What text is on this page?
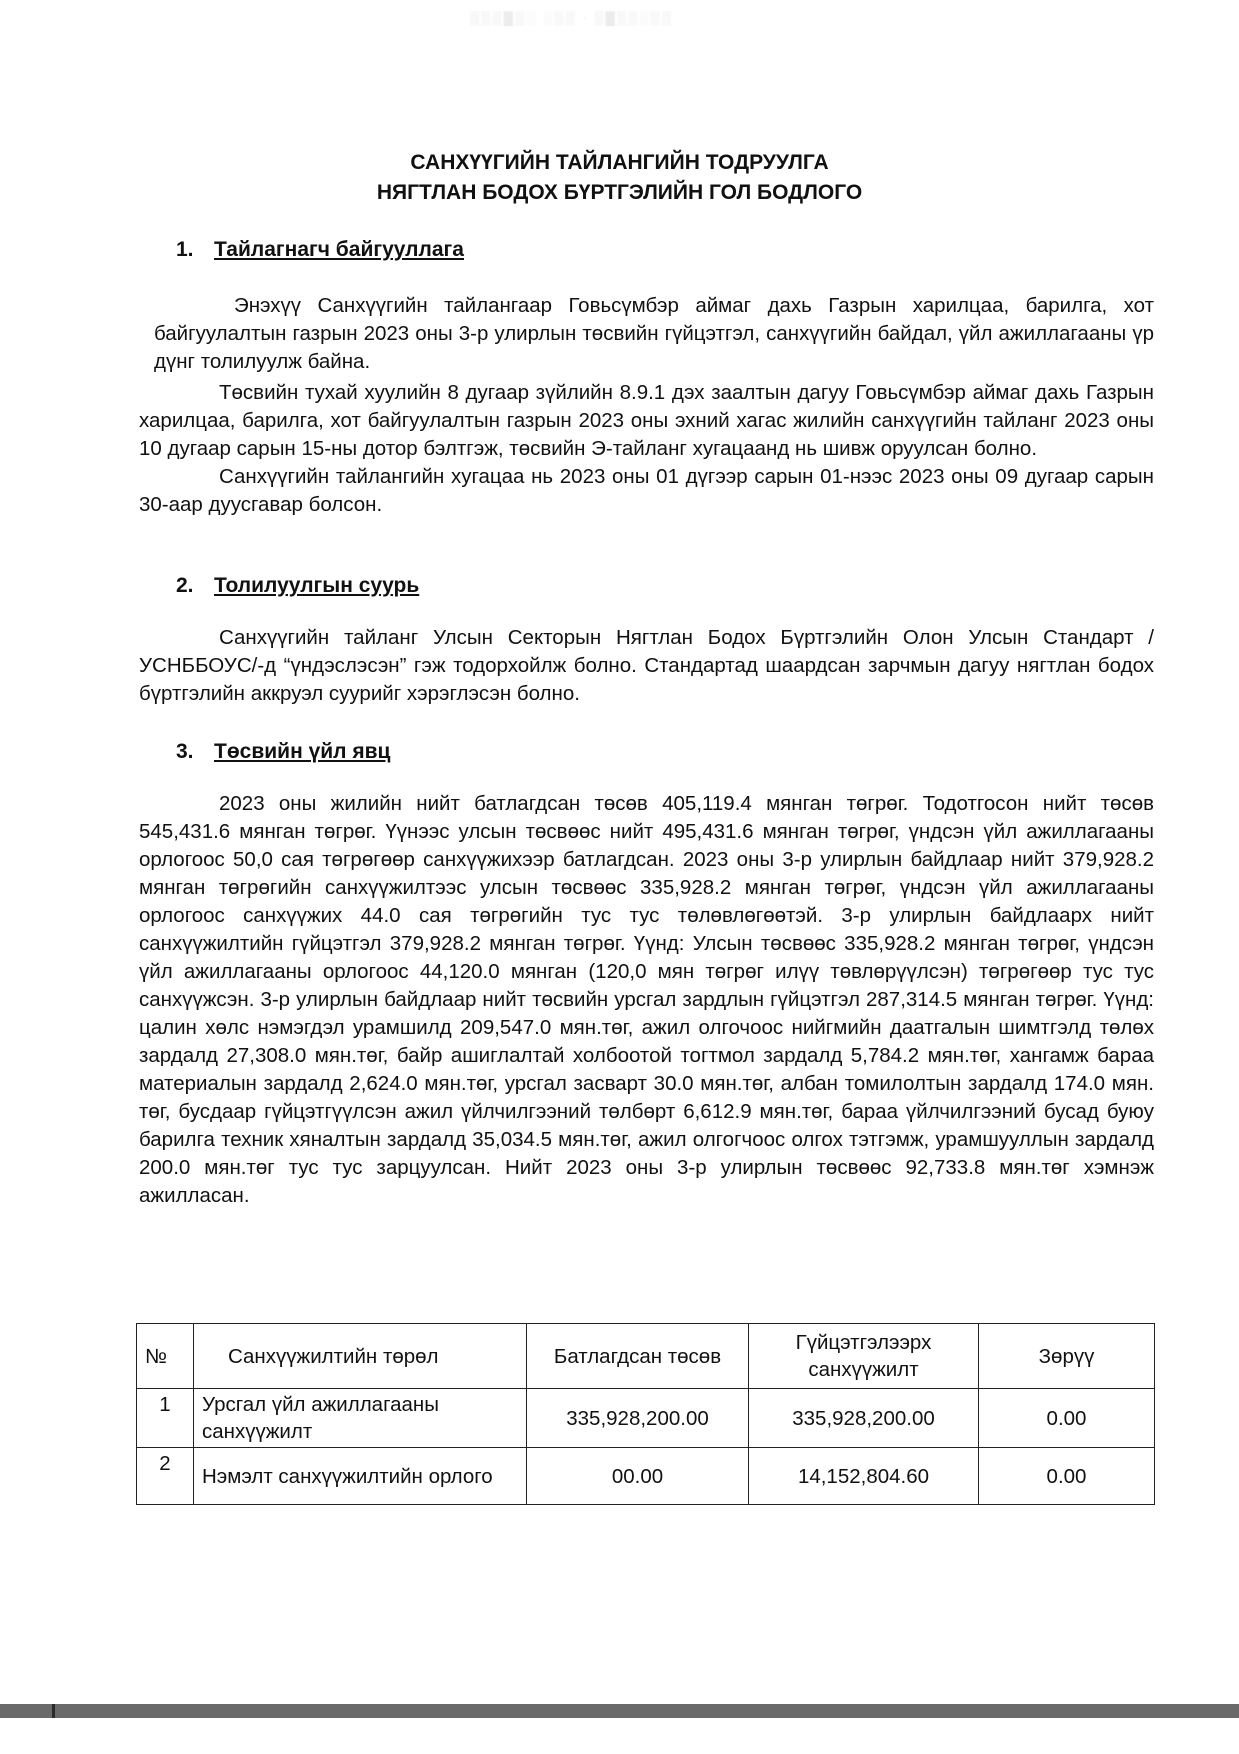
▒▒▒▓▒░ ░▒▒ · ▒▓▒▒░▒▒
САНХҮҮГИЙН ТАЙЛАНГИЙН ТОДРУУЛГА
НЯГТЛАН БОДОХ БҮРТГЭЛИЙН ГОЛ БОДЛОГО
1. Тайлагнагч байгууллага

Энэхүү Санхүүгийн тайлангаар Говьсүмбэр аймаг дахь Газрын харилцаа, барилга, хот байгуулалтын газрын 2023 оны 3-р улирлын төсвийн гүйцэтгэл, санхүүгийн байдал, үйл ажиллагааны үр дүнг толилуулж байна.

Төсвийн тухай хуулийн 8 дугаар зүйлийн 8.9.1 дэх заалтын дагуу Говьсүмбэр аймаг дахь Газрын харилцаа, барилга, хот байгуулалтын газрын 2023 оны эхний хагас жилийн санхүүгийн тайланг 2023 оны 10 дугаар сарын 15-ны дотор бэлтгэж, төсвийн Э-тайланг хугацаанд нь шивж оруулсан болно.

Санхүүгийн тайлангийн хугацаа нь 2023 оны 01 дүгээр сарын 01-нээс 2023 оны 09 дугаар сарын 30-аар дуусгавар болсон.

2. Толилуулгын суурь

Санхүүгийн тайланг Улсын Секторын Нягтлан Бодох Бүртгэлийн Олон Улсын Стандарт /УСНББОУС/-д “үндэслэсэн” гэж тодорхойлж болно. Стандартад шаардсан зарчмын дагуу нягтлан бодох бүртгэлийн аккруэл суурийг хэрэглэсэн болно.

3. Төсвийн үйл явц

2023 оны жилийн нийт батлагдсан төсөв 405,119.4 мянган төгрөг. Тодотгосон нийт төсөв 545,431.6 мянган төгрөг. Үүнээс улсын төсвөөс нийт 495,431.6 мянган төгрөг, үндсэн үйл ажиллагааны орлогоос 50,0 сая төгрөгөөр санхүүжихээр батлагдсан. 2023 оны 3-р улирлын байдлаар нийт 379,928.2 мянган төгрөгийн санхүүжилтээс улсын төсвөөс 335,928.2 мянган төгрөг, үндсэн үйл ажиллагааны орлогоос санхүүжих 44.0 сая төгрөгийн тус тус төлөвлөгөөтэй. 3-р улирлын байдлаарх нийт санхүүжилтийн гүйцэтгэл 379,928.2 мянган төгрөг. Үүнд: Улсын төсвөөс 335,928.2 мянган төгрөг, үндсэн үйл ажиллагааны орлогоос 44,120.0 мянган (120,0 мян төгрөг илүү төвлөрүүлсэн) төгрөгөөр тус тус санхүүжсэн. 3-р улирлын байдлаар нийт төсвийн урсгал зардлын гүйцэтгэл 287,314.5 мянган төгрөг. Үүнд: цалин хөлс нэмэгдэл урамшилд 209,547.0 мян.төг, ажил олгочоос нийгмийн даатгалын шимтгэлд төлөх зардалд 27,308.0 мян.төг, байр ашиглалтай холбоотой тогтмол зардалд 5,784.2 мян.төг, хангамж бараа материалын зардалд 2,624.0 мян.төг, урсгал засварт 30.0 мян.төг, албан томилолтын зардалд 174.0 мян. төг, бусдаар гүйцэтгүүлсэн ажил үйлчилгээний төлбөрт 6,612.9 мян.төг, бараа үйлчилгээний бусад буюу барилга техник хяналтын зардалд 35,034.5 мян.төг, ажил олгогчоос олгох тэтгэмж, урамшууллын зардалд 200.0 мян.төг тус тус зарцуулсан. Нийт 2023 оны 3-р улирлын төсвөөс 92,733.8 мян.төг хэмнэж ажилласан.

№	Санхүүжилтийн төрөл	Батлагдсан төсөв	Гүйцэтгэлээрх санхүүжилт	Зөрүү
1	Урсгал үйл ажиллагааны санхүүжилт	335,928,200.00	335,928,200.00	0.00
2	Нэмэлт санхүүжилтийн орлого	00.00	14,152,804.60	0.00
